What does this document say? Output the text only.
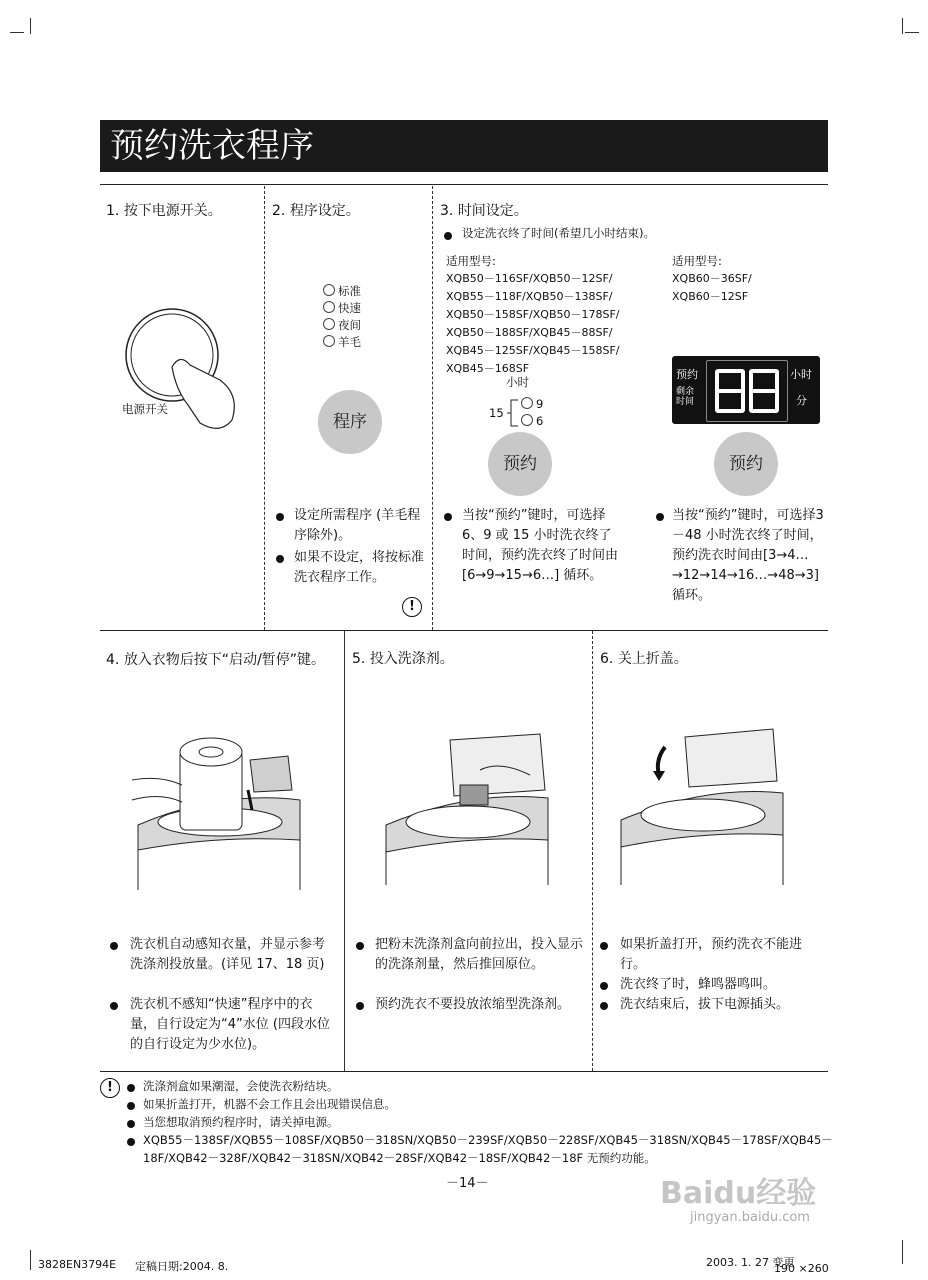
预约洗衣程序
1. 按下电源开关。
电源开关
2. 程序设定。
标准
快速
夜间
羊毛
程序
设定所需程序 (羊毛程序除外)。
如果不设定，将按标准洗衣程序工作。
!
3. 时间设定。
设定洗衣终了时间(希望几小时结束)。
适用型号:
XQB50－116SF/XQB50－12SF/
XQB55－118F/XQB50－138SF/
XQB50－158SF/XQB50－178SF/
XQB50－188SF/XQB45－88SF/
XQB45－125SF/XQB45－158SF/
XQB45－168SF
小时
15
9
6
预约
适用型号:
XQB60－36SF/
XQB60－12SF
预约
剩余
时间
小时
分
预约
当按“预约”键时，可选择6、9 或 15 小时洗衣终了时间，预约洗衣终了时间由 [6→9→15→6…] 循环。
当按“预约”键时，可选择3－48 小时洗衣终了时间，预约洗衣时间由[3→4…→12→14→16…→48→3]循环。
4. 放入衣物后按下“启动/暂停”键。
洗衣机自动感知衣量，并显示参考洗涤剂投放量。(详见 17、18 页)
洗衣机不感知“快速”程序中的衣量，自行设定为“4”水位 (四段水位的自行设定为少水位)。
5. 投入洗涤剂。
把粉末洗涤剂盒向前拉出，投入显示的洗涤剂量，然后推回原位。
预约洗衣不要投放浓缩型洗涤剂。
6. 关上折盖。
如果折盖打开，预约洗衣不能进行。
洗衣终了时，蜂鸣器鸣叫。
洗衣结束后，拔下电源插头。
!	洗涤剂盒如果潮湿，会使洗衣粉结块。
如果折盖打开，机器不会工作且会出现错误信息。
当您想取消预约程序时，请关掉电源。
XQB55－138SF/XQB55－108SF/XQB50－318SN/XQB50－239SF/XQB50－228SF/XQB45－318SN/XQB45－178SF/XQB45－18F/XQB42－328F/XQB42－318SN/XQB42－28SF/XQB42－18SF/XQB42－18F 无预约功能。
－14－	Baidu经验
jingyan.baidu.com
3828EN3794E 定稿日期:2004. 8.	2003. 1. 27 变更
190 ×260
